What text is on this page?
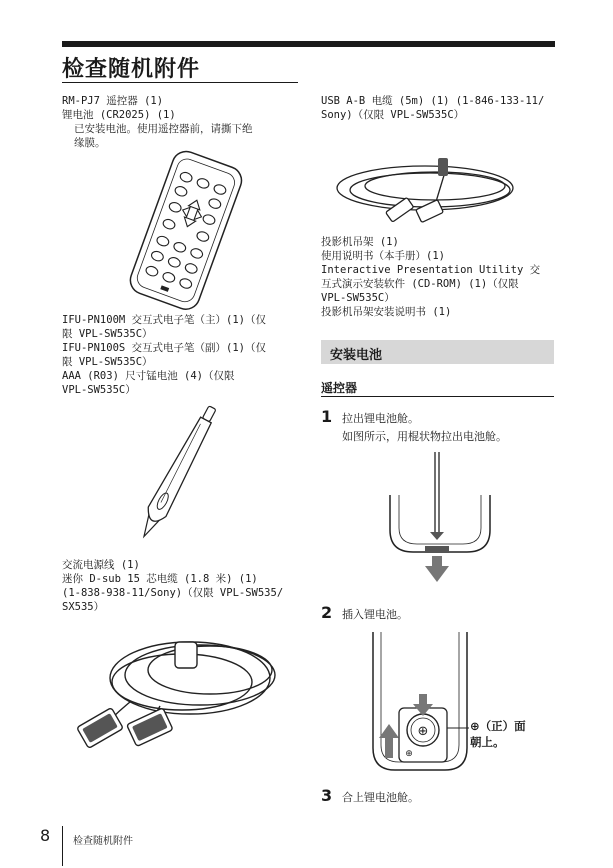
检查随机附件
RM-PJ7 遥控器 (1)
锂电池 (CR2025) (1)
已安装电池。使用遥控器前，请撕下绝
缘膜。
IFU-PN100M 交互式电子笔（主）(1)（仅
限 VPL-SW535C）
IFU-PN100S 交互式电子笔（副）(1)（仅
限 VPL-SW535C）
AAA (R03) 尺寸锰电池 (4)（仅限
VPL-SW535C）
交流电源线 (1)
迷你 D-sub 15 芯电缆 (1.8 米) (1)
(1-838-938-11/Sony)（仅限 VPL-SW535/
SX535）
USB A-B 电缆 (5m) (1) (1-846-133-11/
Sony)（仅限 VPL-SW535C）
投影机吊架 (1)
使用说明书（本手册）(1)
Interactive Presentation Utility 交
互式演示安装软件 (CD-ROM) (1)（仅限
VPL-SW535C）
投影机吊架安装说明书 (1)
安装电池
遥控器
1 拉出锂电池舱。
如图所示，用棍状物拉出电池舱。
2 插入锂电池。
⊕
⊕
⊕（正）面
朝上。
3 合上锂电池舱。
8 检查随机附件
